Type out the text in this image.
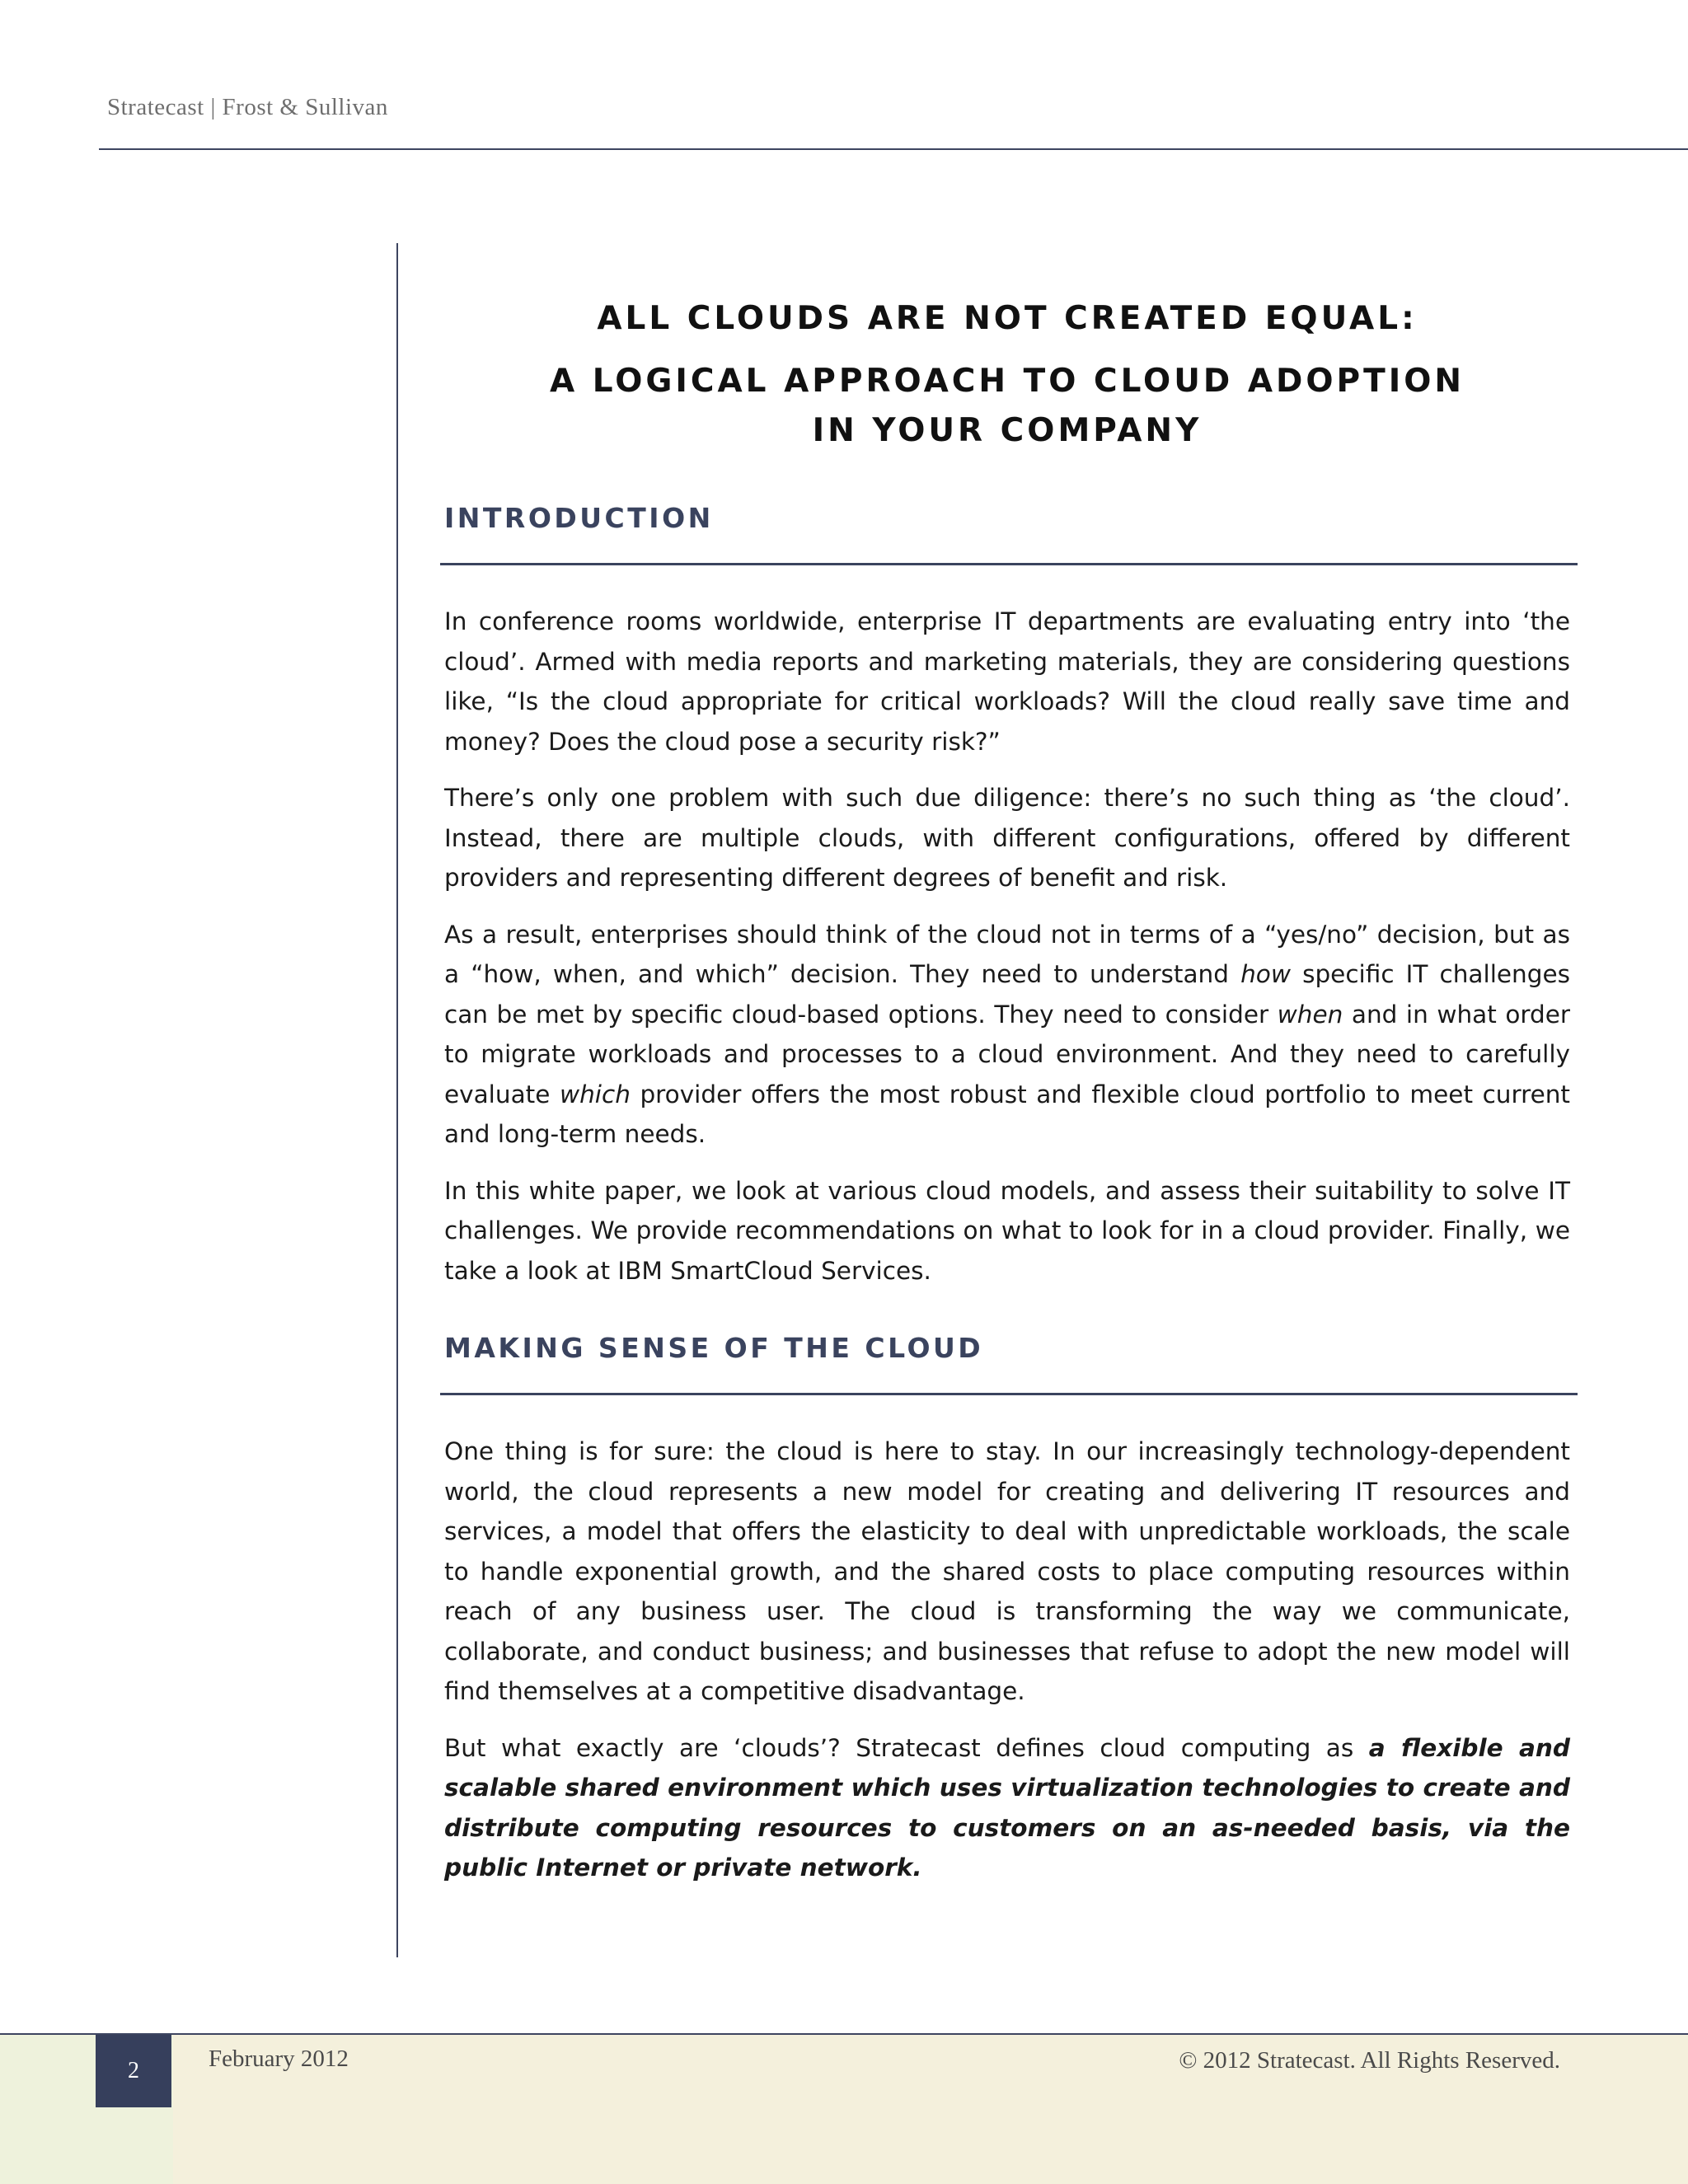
Stratecast | Frost & Sullivan
ALL CLOUDS ARE NOT CREATED EQUAL:
A LOGICAL APPROACH TO CLOUD ADOPTION
IN YOUR COMPANY
INTRODUCTION

In conference rooms worldwide, enterprise IT departments are evaluating entry into ‘the cloud’. Armed with media reports and marketing materials, they are considering questions like, “Is the cloud appropriate for critical workloads? Will the cloud really save time and money? Does the cloud pose a security risk?”

There’s only one problem with such due diligence: there’s no such thing as ‘the cloud’. Instead, there are multiple clouds, with different configurations, offered by different providers and representing different degrees of benefit and risk.

As a result, enterprises should think of the cloud not in terms of a “yes/no” decision, but as a “how, when, and which” decision. They need to understand how specific IT challenges can be met by specific cloud-based options. They need to consider when and in what order to migrate workloads and processes to a cloud environment. And they need to carefully evaluate which provider offers the most robust and flexible cloud portfolio to meet current and long-term needs.

In this white paper, we look at various cloud models, and assess their suitability to solve IT challenges. We provide recommendations on what to look for in a cloud provider. Finally, we take a look at IBM SmartCloud Services.

MAKING SENSE OF THE CLOUD

One thing is for sure: the cloud is here to stay. In our increasingly technology-dependent world, the cloud represents a new model for creating and delivering IT resources and services, a model that offers the elasticity to deal with unpredictable workloads, the scale to handle exponential growth, and the shared costs to place computing resources within reach of any business user. The cloud is transforming the way we communicate, collaborate, and conduct business; and businesses that refuse to adopt the new model will find themselves at a competitive disadvantage.

But what exactly are ‘clouds’? Stratecast defines cloud computing as a flexible and scalable shared environment which uses virtualization technologies to create and distribute computing resources to customers on an as-needed basis, via the public Internet or private network.

2	February 2012	© 2012 Stratecast. All Rights Reserved.
